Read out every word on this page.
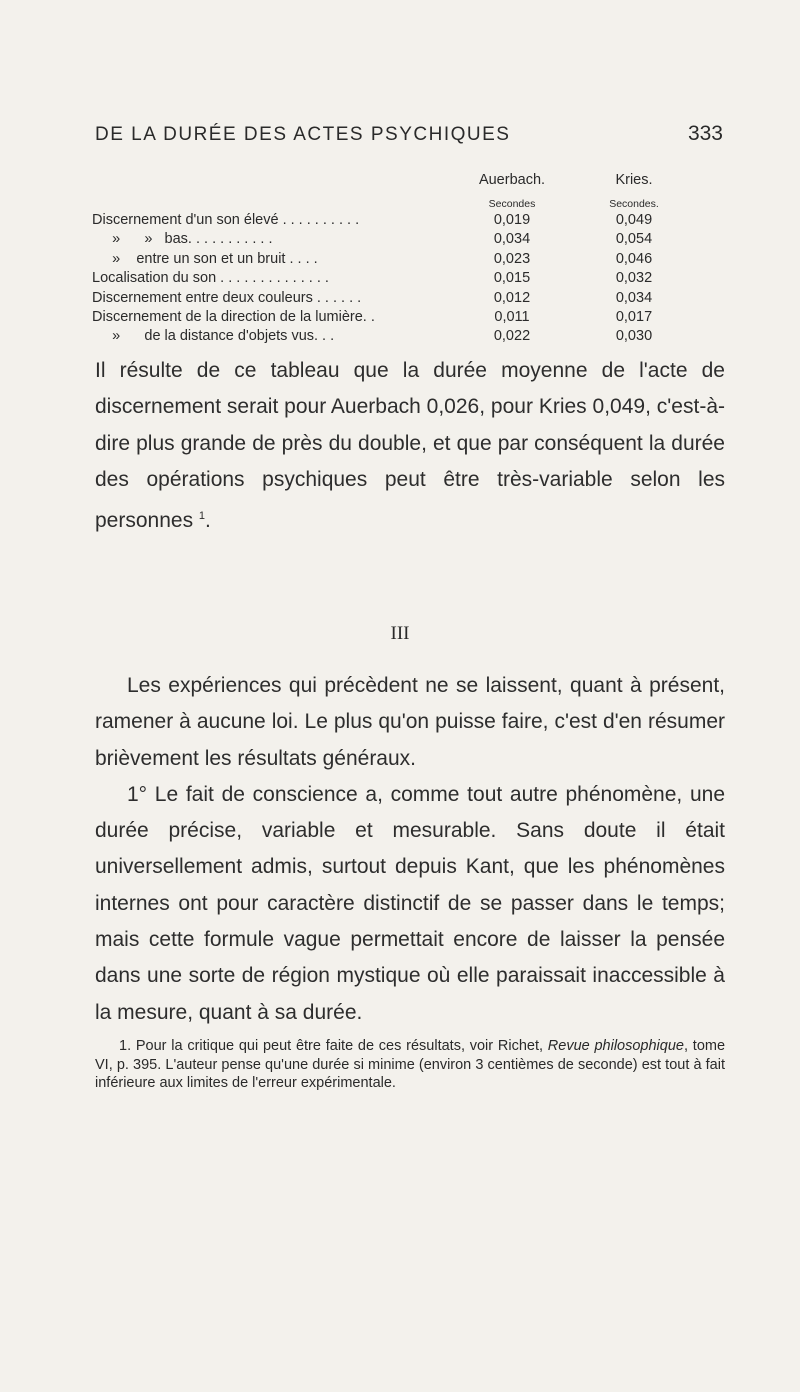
DE LA DURÉE DES ACTES PSYCHIQUES	333
Auerbach.	Kries.
Secondes	Secondes.
Discernement d'un son élevé . . . . . . . . . .	0,019	0,049
»      »   bas. . . . . . . . . . .	0,034	0,054
»    entre un son et un bruit . . . .	0,023	0,046
Localisation du son . . . . . . . . . . . . . .	0,015	0,032
Discernement entre deux couleurs . . . . . .	0,012	0,034
Discernement de la direction de la lumière. .	0,011	0,017
»      de la distance d'objets vus. . .	0,022	0,030
Il résulte de ce tableau que la durée moyenne de l'acte de discernement serait pour Auerbach 0,026, pour Kries 0,049, c'est-à-dire plus grande de près du double, et que par conséquent la durée des opérations psychiques peut être très-variable selon les personnes $^1$.
III
Les expériences qui précèdent ne se laissent, quant à présent, ramener à aucune loi. Le plus qu'on puisse faire, c'est d'en résumer brièvement les résultats généraux.
1° Le fait de conscience a, comme tout autre phénomène, une durée précise, variable et mesurable. Sans doute il était universellement admis, surtout depuis Kant, que les phénomènes internes ont pour caractère distinctif de se passer dans le temps; mais cette formule vague permettait encore de laisser la pensée dans une sorte de région mystique où elle paraissait inaccessible à la mesure, quant à sa durée.
1. Pour la critique qui peut être faite de ces résultats, voir Richet, Revue philosophique, tome VI, p. 395. L'auteur pense qu'une durée si minime (environ 3 centièmes de seconde) est tout à fait inférieure aux limites de l'erreur expérimentale.
